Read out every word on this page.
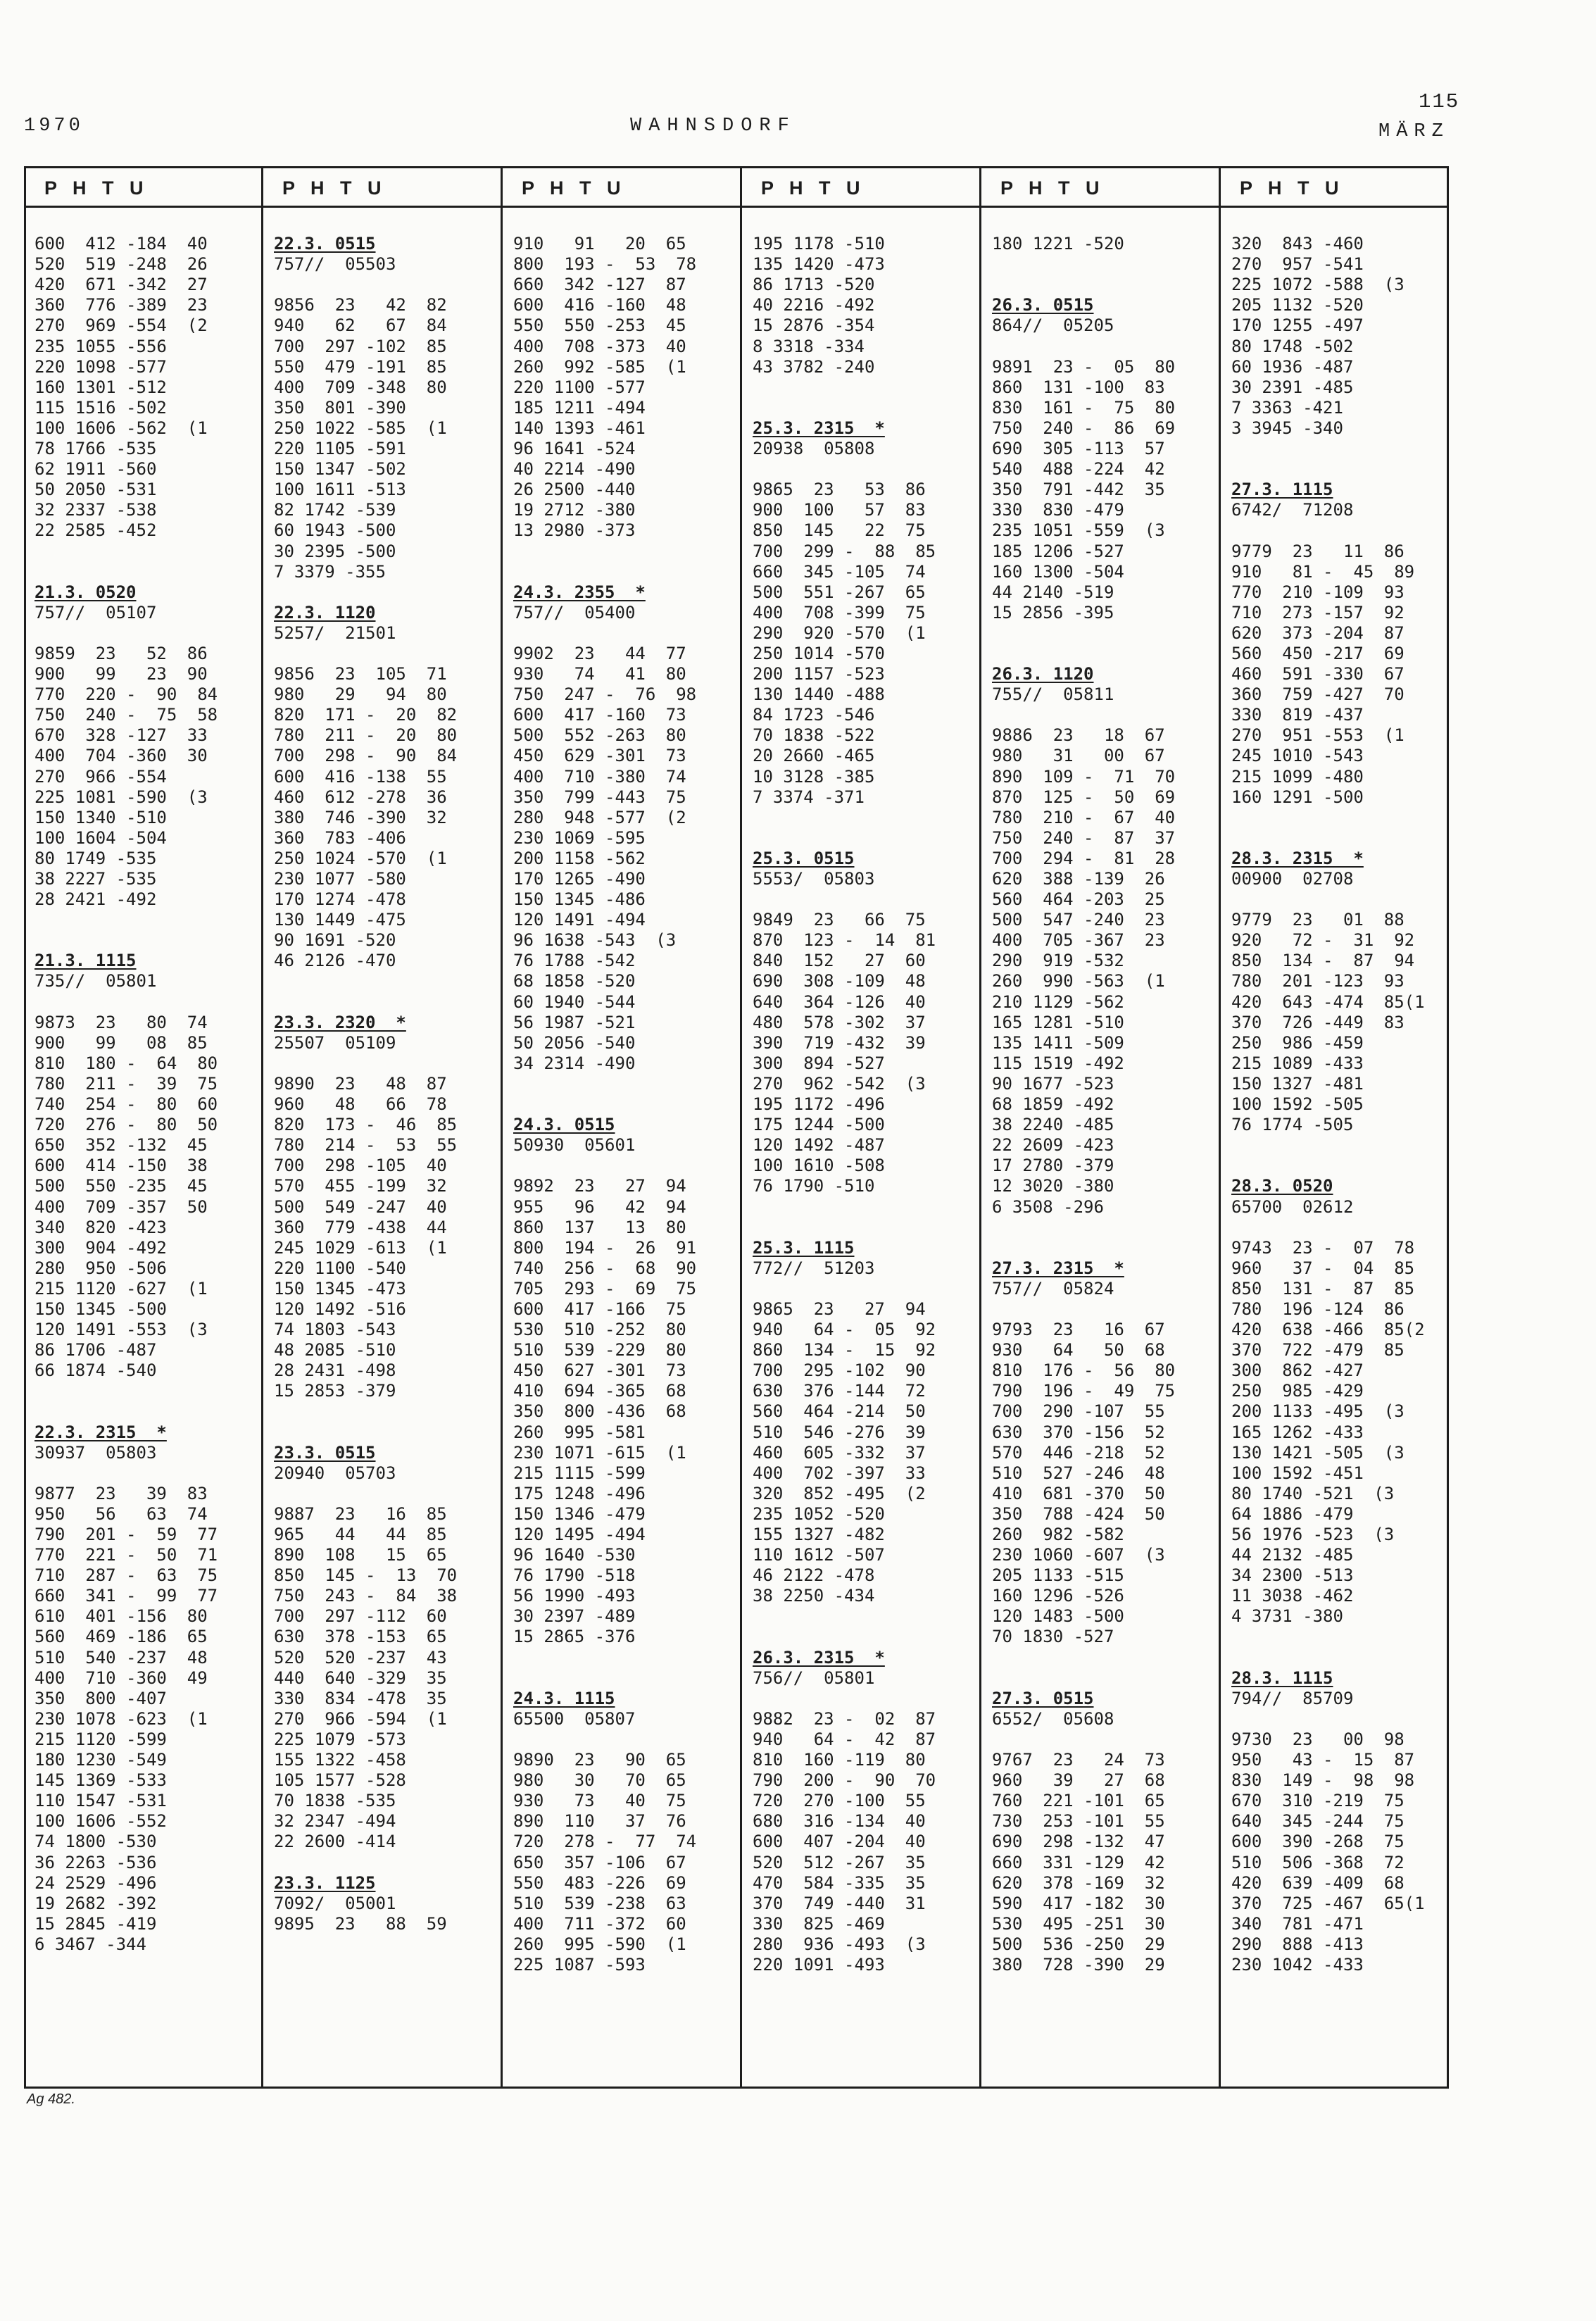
1970	WAHNSDORF
115
MÄRZ
P   H   T   U	P   H   T   U	P   H   T   U	P   H   T   U	P   H   T   U	P   H   T   U

600  412 -184  40
520  519 -248  26
420  671 -342  27
360  776 -389  23
270  969 -554  (2
235 1055 -556
220 1098 -577
160 1301 -512
115 1516 -502
100 1606 -562  (1
78 1766 -535
62 1911 -560
50 2050 -531
32 2337 -538
22 2585 -452

21.3. 0520
757//  05107

9859  23   52  86
900   99   23  90
770  220 -  90  84
750  240 -  75  58
670  328 -127  33
400  704 -360  30
270  966 -554
225 1081 -590  (3
150 1340 -510
100 1604 -504
80 1749 -535
38 2227 -535
28 2421 -492

21.3. 1115
735//  05801

9873  23   80  74
900   99   08  85
810  180 -  64  80
780  211 -  39  75
740  254 -  80  60
720  276 -  80  50
650  352 -132  45
600  414 -150  38
500  550 -235  45
400  709 -357  50
340  820 -423
300  904 -492
280  950 -506
215 1120 -627  (1
150 1345 -500
120 1491 -553  (3
86 1706 -487
66 1874 -540

22.3. 2315  *
30937  05803

9877  23   39  83
950   56   63  74
790  201 -  59  77
770  221 -  50  71
710  287 -  63  75
660  341 -  99  77
610  401 -156  80
560  469 -186  65
510  540 -237  48
400  710 -360  49
350  800 -407
230 1078 -623  (1
215 1120 -599
180 1230 -549
145 1369 -533
110 1547 -531
100 1606 -552
74 1800 -530
36 2263 -536
24 2529 -496
19 2682 -392
15 2845 -419
6 3467 -344

22.3. 0515
757//  05503

9856  23   42  82
940   62   67  84
700  297 -102  85
550  479 -191  85
400  709 -348  80
350  801 -390
250 1022 -585  (1
220 1105 -591
150 1347 -502
100 1611 -513
82 1742 -539
60 1943 -500
30 2395 -500
7 3379 -355

22.3. 1120
5257/  21501

9856  23  105  71
980   29   94  80
820  171 -  20  82
780  211 -  20  80
700  298 -  90  84
600  416 -138  55
460  612 -278  36
380  746 -390  32
360  783 -406
250 1024 -570  (1
230 1077 -580
170 1274 -478
130 1449 -475
90 1691 -520
46 2126 -470

23.3. 2320  *
25507  05109

9890  23   48  87
960   48   66  78
820  173 -  46  85
780  214 -  53  55
700  298 -105  40
570  455 -199  32
500  549 -247  40
360  779 -438  44
245 1029 -613  (1
220 1100 -540
150 1345 -473
120 1492 -516
74 1803 -543
48 2085 -510
28 2431 -498
15 2853 -379

23.3. 0515
20940  05703

9887  23   16  85
965   44   44  85
890  108   15  65
850  145 -  13  70
750  243 -  84  38
700  297 -112  60
630  378 -153  65
520  520 -237  43
440  640 -329  35
330  834 -478  35
270  966 -594  (1
225 1079 -573
155 1322 -458
105 1577 -528
70 1838 -535
32 2347 -494
22 2600 -414

23.3. 1125
7092/  05001
9895  23   88  59

910   91   20  65
800  193 -  53  78
660  342 -127  87
600  416 -160  48
550  550 -253  45
400  708 -373  40
260  992 -585  (1
220 1100 -577
185 1211 -494
140 1393 -461
96 1641 -524
40 2214 -490
26 2500 -440
19 2712 -380
13 2980 -373

24.3. 2355  *
757//  05400

9902  23   44  77
930   74   41  80
750  247 -  76  98
600  417 -160  73
500  552 -263  80
450  629 -301  73
400  710 -380  74
350  799 -443  75
280  948 -577  (2
230 1069 -595
200 1158 -562
170 1265 -490
150 1345 -486
120 1491 -494
96 1638 -543  (3
76 1788 -542
68 1858 -520
60 1940 -544
56 1987 -521
50 2056 -540
34 2314 -490

24.3. 0515
50930  05601

9892  23   27  94
955   96   42  94
860  137   13  80
800  194 -  26  91
740  256 -  68  90
705  293 -  69  75
600  417 -166  75
530  510 -252  80
510  539 -229  80
450  627 -301  73
410  694 -365  68
350  800 -436  68
260  995 -581
230 1071 -615  (1
215 1115 -599
175 1248 -496
150 1346 -479
120 1495 -494
96 1640 -530
76 1790 -518
56 1990 -493
30 2397 -489
15 2865 -376

24.3. 1115
65500  05807

9890  23   90  65
980   30   70  65
930   73   40  75
890  110   37  76
720  278 -  77  74
650  357 -106  67
550  483 -226  69
510  539 -238  63
400  711 -372  60
260  995 -590  (1
225 1087 -593

195 1178 -510
135 1420 -473
86 1713 -520
40 2216 -492
15 2876 -354
8 3318 -334
43 3782 -240

25.3. 2315  *
20938  05808

9865  23   53  86
900  100   57  83
850  145   22  75
700  299 -  88  85
660  345 -105  74
500  551 -267  65
400  708 -399  75
290  920 -570  (1
250 1014 -570
200 1157 -523
130 1440 -488
84 1723 -546
70 1838 -522
20 2660 -465
10 3128 -385
7 3374 -371

25.3. 0515
5553/  05803

9849  23   66  75
870  123 -  14  81
840  152   27  60
690  308 -109  48
640  364 -126  40
480  578 -302  37
390  719 -432  39
300  894 -527
270  962 -542  (3
195 1172 -496
175 1244 -500
120 1492 -487
100 1610 -508
76 1790 -510

25.3. 1115
772//  51203

9865  23   27  94
940   64 -  05  92
860  134 -  15  92
700  295 -102  90
630  376 -144  72
560  464 -214  50
510  546 -276  39
460  605 -332  37
400  702 -397  33
320  852 -495  (2
235 1052 -520
155 1327 -482
110 1612 -507
46 2122 -478
38 2250 -434

26.3. 2315  *
756//  05801

9882  23 -  02  87
940   64 -  42  87
810  160 -119  80
790  200 -  90  70
720  270 -100  55
680  316 -134  40
600  407 -204  40
520  512 -267  35
470  584 -335  35
370  749 -440  31
330  825 -469
280  936 -493  (3
220 1091 -493

180 1221 -520

26.3. 0515
864//  05205

9891  23 -  05  80
860  131 -100  83
830  161 -  75  80
750  240 -  86  69
690  305 -113  57
540  488 -224  42
350  791 -442  35
330  830 -479
235 1051 -559  (3
185 1206 -527
160 1300 -504
44 2140 -519
15 2856 -395

26.3. 1120
755//  05811

9886  23   18  67
980   31   00  67
890  109 -  71  70
870  125 -  50  69
780  210 -  67  40
750  240 -  87  37
700  294 -  81  28
620  388 -139  26
560  464 -203  25
500  547 -240  23
400  705 -367  23
290  919 -532
260  990 -563  (1
210 1129 -562
165 1281 -510
135 1411 -509
115 1519 -492
90 1677 -523
68 1859 -492
38 2240 -485
22 2609 -423
17 2780 -379
12 3020 -380
6 3508 -296

27.3. 2315  *
757//  05824

9793  23   16  67
930   64   50  68
810  176 -  56  80
790  196 -  49  75
700  290 -107  55
630  370 -156  52
570  446 -218  52
510  527 -246  48
410  681 -370  50
350  788 -424  50
260  982 -582
230 1060 -607  (3
205 1133 -515
160 1296 -526
120 1483 -500
70 1830 -527

27.3. 0515
6552/  05608

9767  23   24  73
960   39   27  68
760  221 -101  65
730  253 -101  55
690  298 -132  47
660  331 -129  42
620  378 -169  32
590  417 -182  30
530  495 -251  30
500  536 -250  29
380  728 -390  29

320  843 -460
270  957 -541
225 1072 -588  (3
205 1132 -520
170 1255 -497
80 1748 -502
60 1936 -487
30 2391 -485
7 3363 -421
3 3945 -340

27.3. 1115
6742/  71208

9779  23   11  86
910   81 -  45  89
770  210 -109  93
710  273 -157  92
620  373 -204  87
560  450 -217  69
460  591 -330  67
360  759 -427  70
330  819 -437
270  951 -553  (1
245 1010 -543
215 1099 -480
160 1291 -500

28.3. 2315  *
00900  02708

9779  23   01  88
920   72 -  31  92
850  134 -  87  94
780  201 -123  93
420  643 -474  85(1
370  726 -449  83
250  986 -459
215 1089 -433
150 1327 -481
100 1592 -505
76 1774 -505

28.3. 0520
65700  02612

9743  23 -  07  78
960   37 -  04  85
850  131 -  87  85
780  196 -124  86
420  638 -466  85(2
370  722 -479  85
300  862 -427
250  985 -429
200 1133 -495  (3
165 1262 -433
130 1421 -505  (3
100 1592 -451
80 1740 -521  (3
64 1886 -479
56 1976 -523  (3
44 2132 -485
34 2300 -513
11 3038 -462
4 3731 -380

28.3. 1115
794//  85709

9730  23   00  98
950   43 -  15  87
830  149 -  98  98
670  310 -219  75
640  345 -244  75
600  390 -268  75
510  506 -368  72
420  639 -409  68
370  725 -467  65(1
340  781 -471
290  888 -413
230 1042 -433
Ag 482.
